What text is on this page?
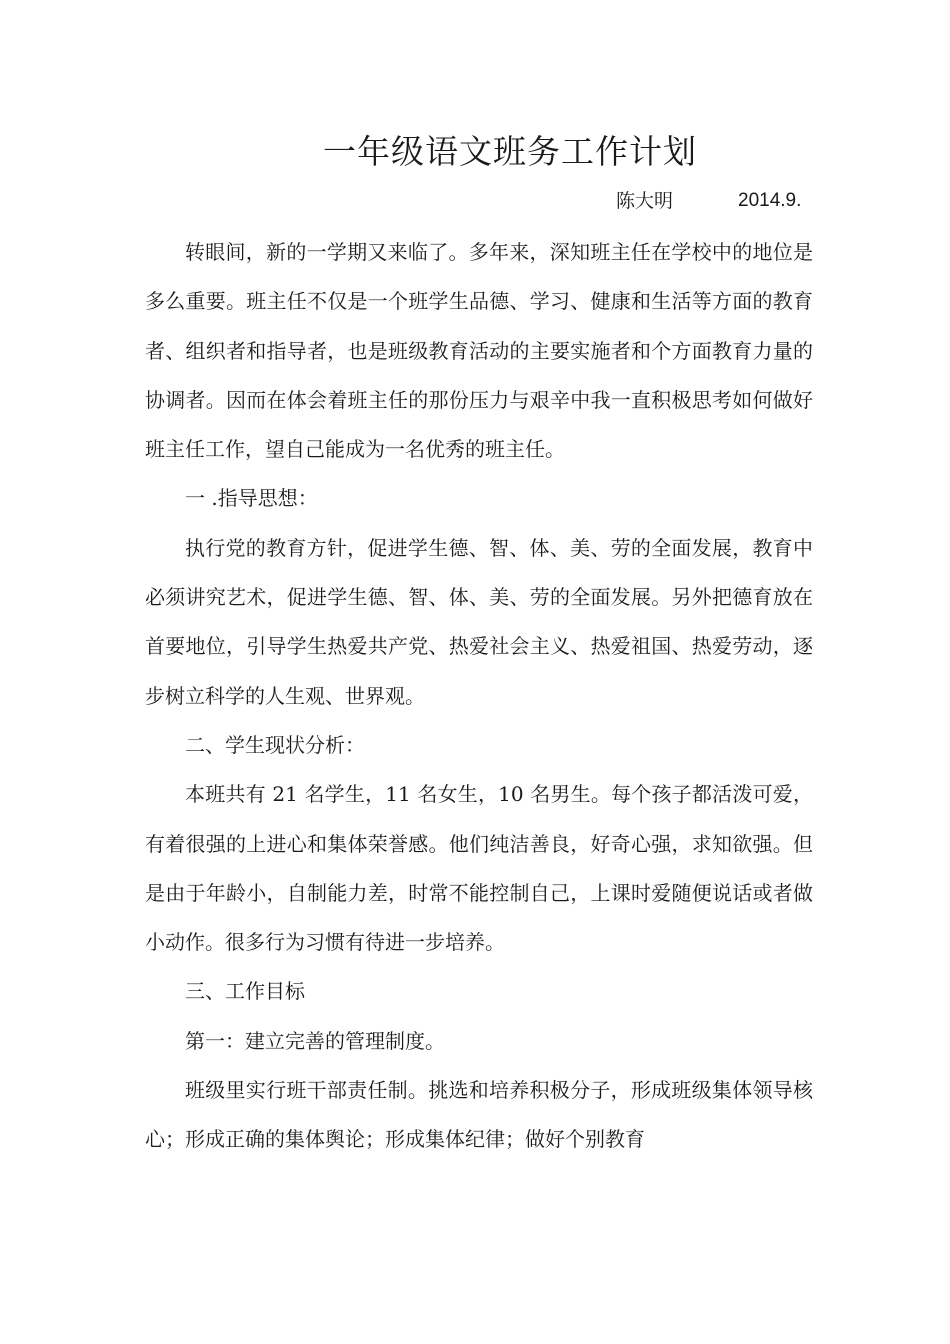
一年级语文班务工作计划
陈大明	2014.9.

转眼间，新的一学期又来临了。多年来，深知班主任在学校中的地位是多么重要。班主任不仅是一个班学生品德、学习、健康和生活等方面的教育者、组织者和指导者，也是班级教育活动的主要实施者和个方面教育力量的协调者。因而在体会着班主任的那份压力与艰辛中我一直积极思考如何做好班主任工作，望自己能成为一名优秀的班主任。

一 .指导思想：

执行党的教育方针，促进学生德、智、体、美、劳的全面发展，教育中必须讲究艺术，促进学生德、智、体、美、劳的全面发展。另外把德育放在首要地位，引导学生热爱共产党、热爱社会主义、热爱祖国、热爱劳动，逐步树立科学的人生观、世界观。

二、学生现状分析：

本班共有 21 名学生，11 名女生，10 名男生。每个孩子都活泼可爱，有着很强的上进心和集体荣誉感。他们纯洁善良，好奇心强，求知欲强。但是由于年龄小，自制能力差，时常不能控制自己，上课时爱随便说话或者做小动作。很多行为习惯有待进一步培养。

三、工作目标

第一：建立完善的管理制度。

班级里实行班干部责任制。挑选和培养积极分子，形成班级集体领导核心；形成正确的集体舆论；形成集体纪律；做好个别教育
